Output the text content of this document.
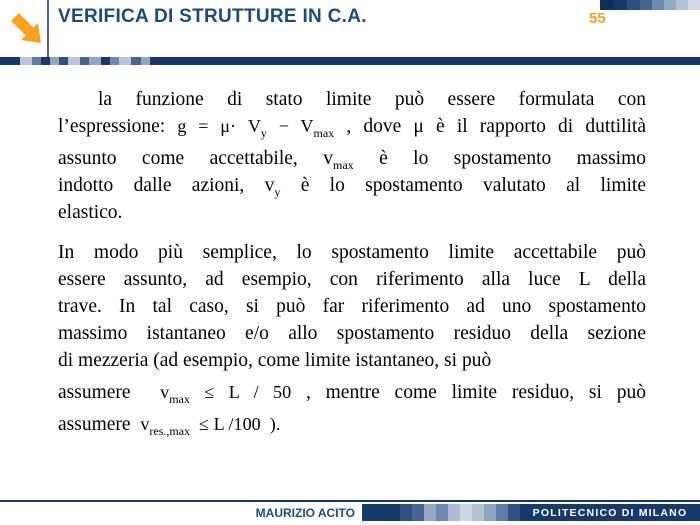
VERIFICA DI STRUTTURE IN C.A.	55
la funzione di stato limite può essere formulata con
l’espressione: $g = \mu\cdot V_y - V_{max}$ , dove μ è il rapporto di duttilità
assunto come accettabile, $v_{max}$ è lo spostamento massimo
indotto dalle azioni, $v_y$ è lo spostamento valutato al limite
elastico.
In modo più semplice, lo spostamento limite accettabile può
essere assunto, ad esempio, con riferimento alla luce L della
trave. In tal caso, si può far riferimento ad uno spostamento
massimo istantaneo e/o allo spostamento residuo della sezione
di mezzeria (ad esempio, come limite istantaneo, si può
assumere  $v_{max} \le L / 50$ , mentre come limite residuo, si può
assumere  $v_{res.,max} \le L$ /100  ).
MAURIZIO ACITO	POLITECNICO DI MILANO
